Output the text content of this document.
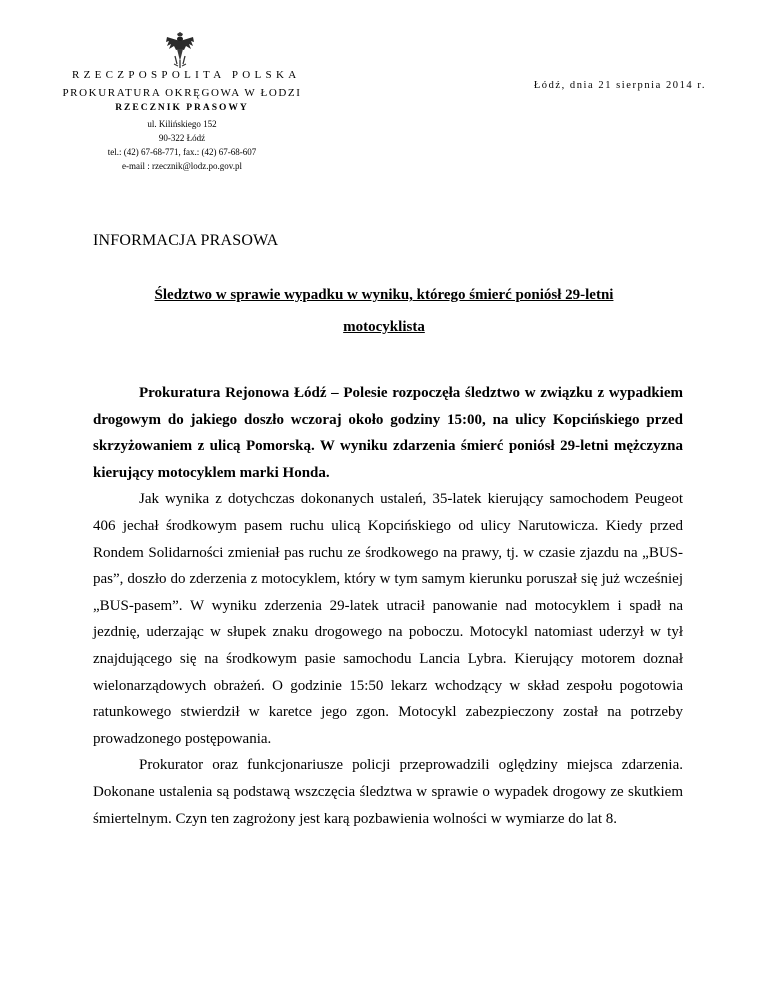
RZECZPOSPOLITA POLSKA
PROKURATURA OKRĘGOWA W ŁODZI
RZECZNIK PRASOWY
ul. Kilińskiego 152
90-322 Łódź
tel.: (42) 67-68-771, fax.: (42) 67-68-607
e-mail : rzecznik@lodz.po.gov.pl
Łódź, dnia 21 sierpnia 2014 r.
INFORMACJA PRASOWA
Śledztwo w sprawie wypadku w wyniku, którego śmierć poniósł 29-letni
motocyklista

Prokuratura Rejonowa Łódź – Polesie rozpoczęła śledztwo w związku z wypadkiem drogowym do jakiego doszło wczoraj około godziny 15:00, na ulicy Kopcińskiego przed skrzyżowaniem z ulicą Pomorską. W wyniku zdarzenia śmierć poniósł 29-letni mężczyzna kierujący motocyklem marki Honda.

Jak wynika z dotychczas dokonanych ustaleń, 35-latek kierujący samochodem Peugeot 406 jechał środkowym pasem ruchu ulicą Kopcińskiego od ulicy Narutowicza. Kiedy przed Rondem Solidarności zmieniał pas ruchu ze środkowego na prawy, tj. w czasie zjazdu na „BUS-pas”, doszło do zderzenia z motocyklem, który w tym samym kierunku poruszał się już wcześniej „BUS-pasem”. W wyniku zderzenia 29-latek utracił panowanie nad motocyklem i spadł na jezdnię, uderzając w słupek znaku drogowego na poboczu. Motocykl natomiast uderzył w tył znajdującego się na środkowym pasie samochodu Lancia Lybra. Kierujący motorem doznał wielonarządowych obrażeń. O godzinie 15:50 lekarz wchodzący w skład zespołu pogotowia ratunkowego stwierdził w karetce jego zgon. Motocykl zabezpieczony został na potrzeby prowadzonego postępowania.

Prokurator oraz funkcjonariusze policji przeprowadzili oględziny miejsca zdarzenia. Dokonane ustalenia są podstawą wszczęcia śledztwa w sprawie o wypadek drogowy ze skutkiem śmiertelnym. Czyn ten zagrożony jest karą pozbawienia wolności w wymiarze do lat 8.
